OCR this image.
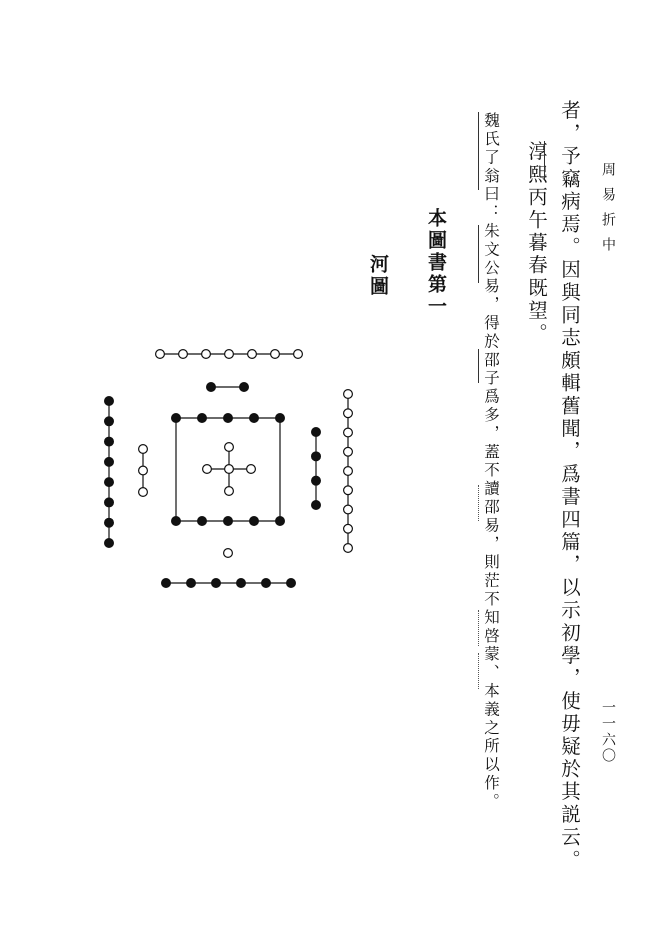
周易折中
一一六〇
者，予竊病焉。因與同志頗輯舊聞，爲書四篇，以示初學，使毋疑於其説云。
淳熙丙午暮春既望。
魏氏了翁曰：朱文公易，得於邵子爲多，蓋不讀邵易，則茫不知啓蒙、本義之所以作。
本圖書第一
河圖
